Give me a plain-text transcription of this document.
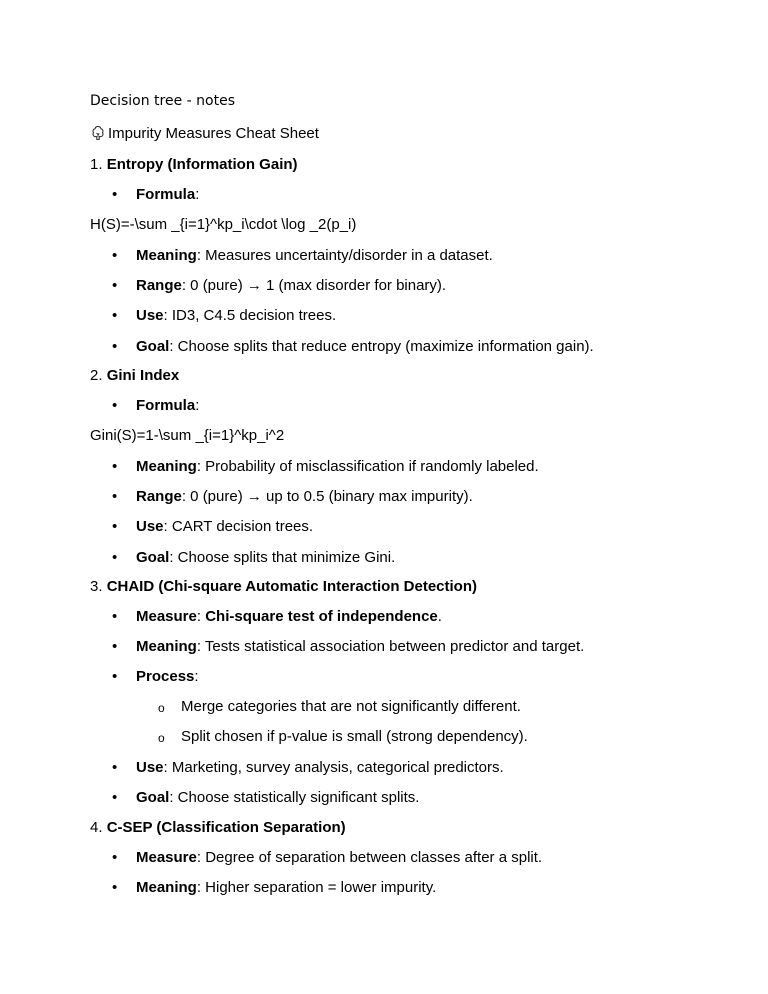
Decision tree - notes
Impurity Measures Cheat Sheet
1. Entropy (Information Gain)
• Formula:
H(S)=-\sum _{i=1}^kp_i\cdot \log _2(p_i)
• Meaning: Measures uncertainty/disorder in a dataset.
• Range: 0 (pure) → 1 (max disorder for binary).
• Use: ID3, C4.5 decision trees.
• Goal: Choose splits that reduce entropy (maximize information gain).
2. Gini Index
• Formula:
Gini(S)=1-\sum _{i=1}^kp_i^2
• Meaning: Probability of misclassification if randomly labeled.
• Range: 0 (pure) → up to 0.5 (binary max impurity).
• Use: CART decision trees.
• Goal: Choose splits that minimize Gini.
3. CHAID (Chi-square Automatic Interaction Detection)
• Measure: Chi-square test of independence.
• Meaning: Tests statistical association between predictor and target.
• Process:
o Merge categories that are not significantly different.
o Split chosen if p-value is small (strong dependency).
• Use: Marketing, survey analysis, categorical predictors.
• Goal: Choose statistically significant splits.
4. C-SEP (Classification Separation)
• Measure: Degree of separation between classes after a split.
• Meaning: Higher separation = lower impurity.
